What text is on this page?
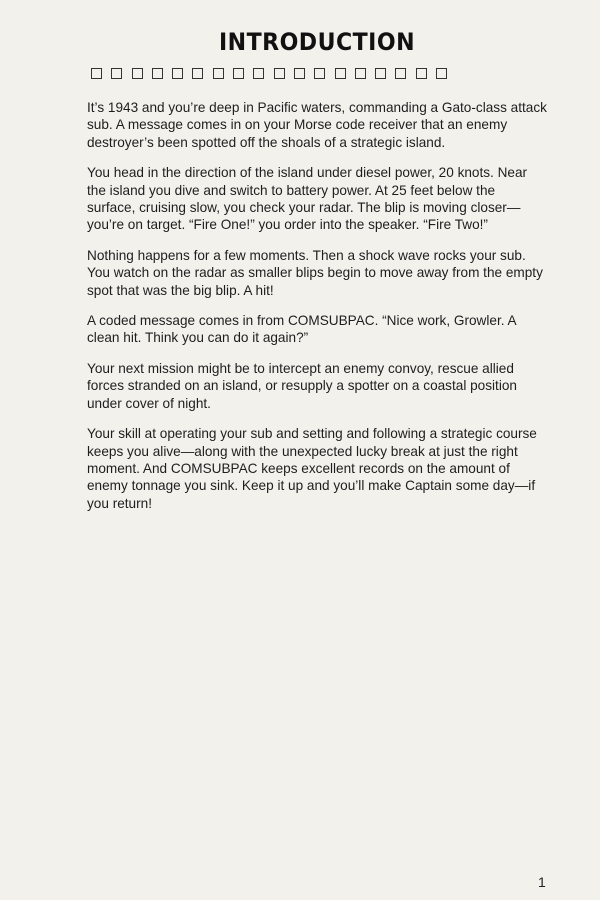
INTRODUCTION

It’s 1943 and you’re deep in Pacific waters, commanding a Gato-class attack sub. A message comes in on your Morse code receiver that an enemy destroyer’s been spotted off the shoals of a strategic island.

You head in the direction of the island under diesel power, 20 knots. Near the island you dive and switch to battery power. At 25 feet below the surface, cruising slow, you check your radar. The blip is moving closer—you’re on target. “Fire One!” you order into the speaker. “Fire Two!”

Nothing happens for a few moments. Then a shock wave rocks your sub. You watch on the radar as smaller blips begin to move away from the empty spot that was the big blip. A hit!

A coded message comes in from COMSUBPAC. “Nice work, Growler. A clean hit. Think you can do it again?”

Your next mission might be to intercept an enemy convoy, rescue allied forces stranded on an island, or resupply a spotter on a coastal position under cover of night.

Your skill at operating your sub and setting and following a strategic course keeps you alive—along with the unexpected lucky break at just the right moment. And COMSUBPAC keeps excellent records on the amount of enemy tonnage you sink. Keep it up and you’ll make Captain some day—if you return!

1
